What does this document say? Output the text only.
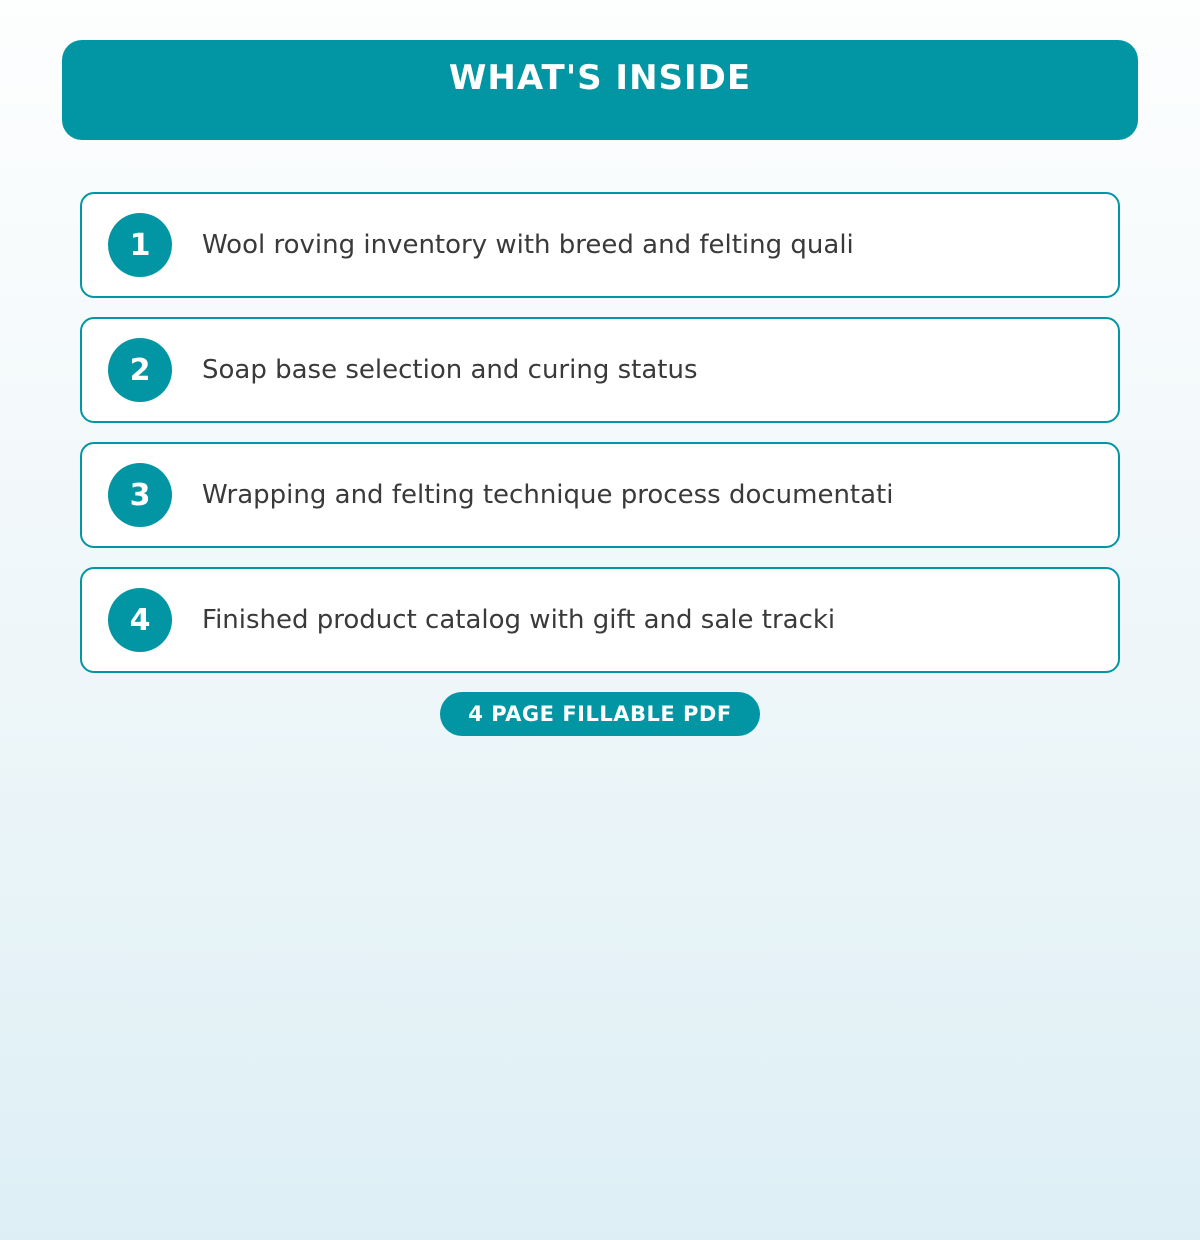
WHAT'S INSIDE
1	Wool roving inventory with breed and felting quali
2	Soap base selection and curing status
3	Wrapping and felting technique process documentati
4	Finished product catalog with gift and sale tracki
4 PAGE FILLABLE PDF
